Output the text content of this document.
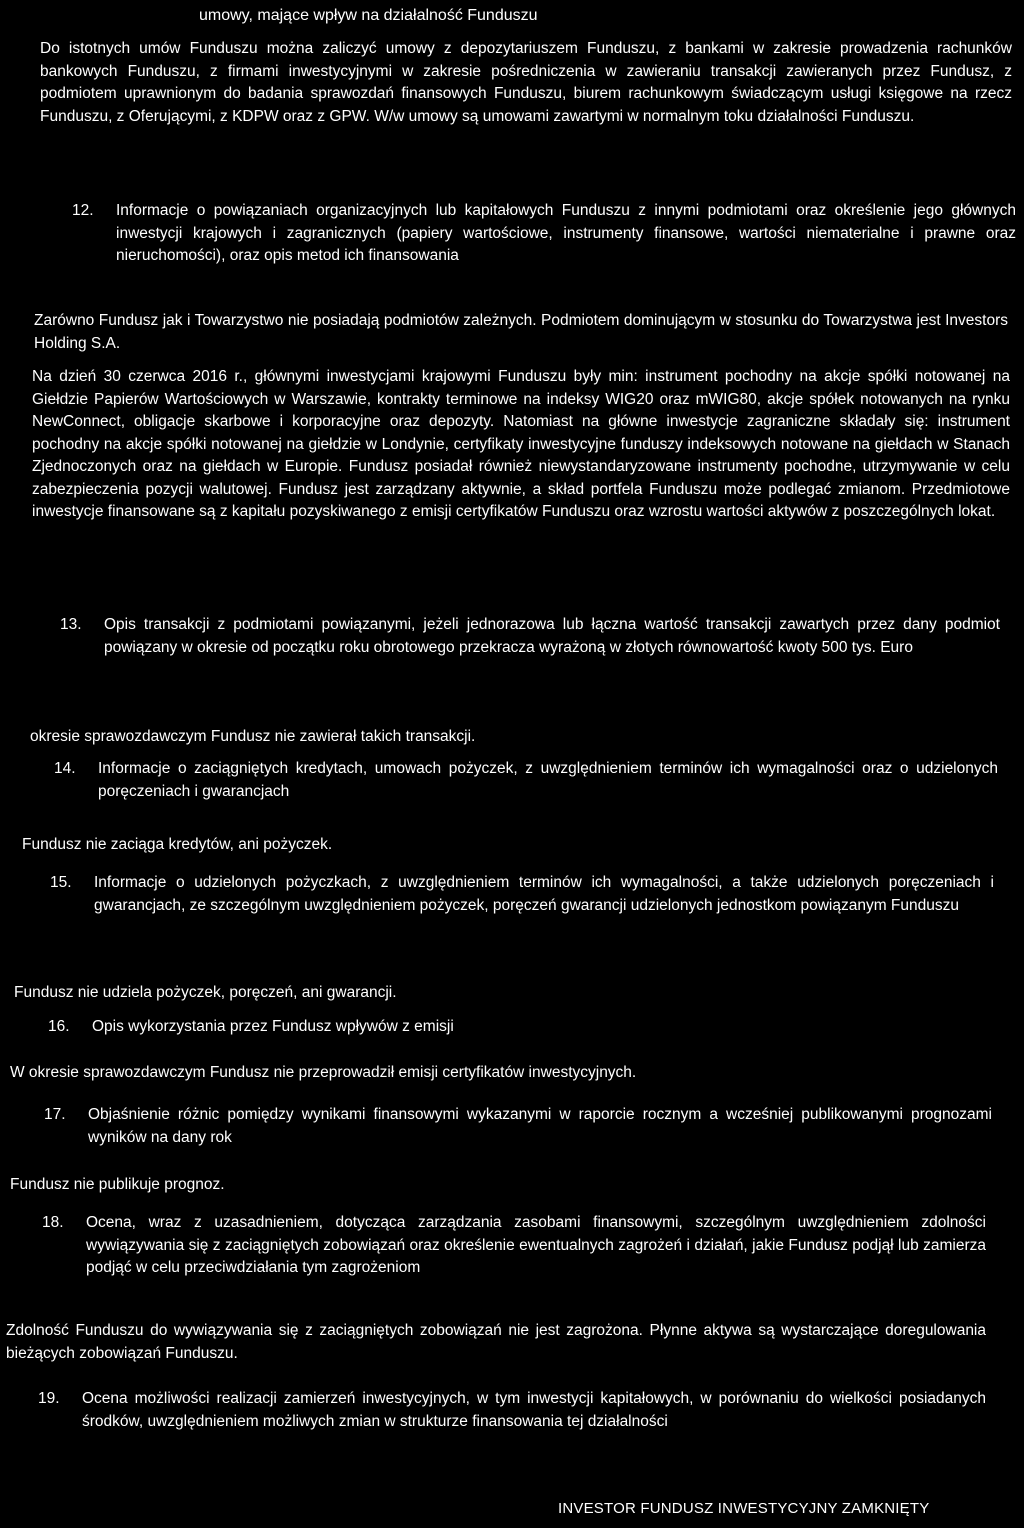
umowy, mające wpływ na działalność Funduszu

Do istotnych umów Funduszu można zaliczyć umowy z depozytariuszem Funduszu, z bankami w zakresie prowadzenia rachunków bankowych Funduszu, z firmami inwestycyjnymi w zakresie pośredniczenia w zawieraniu transakcji zawieranych przez Fundusz, z podmiotem uprawnionym do badania sprawozdań finansowych Funduszu, biurem rachunkowym świadczącym usługi księgowe na rzecz Funduszu, z Oferującymi, z KDPW oraz z GPW. W/w umowy są umowami zawartymi w normalnym toku działalności Funduszu.

12. Informacje o powiązaniach organizacyjnych lub kapitałowych Funduszu z innymi podmiotami oraz określenie jego głównych inwestycji krajowych i zagranicznych (papiery wartościowe, instrumenty finansowe, wartości niematerialne i prawne oraz nieruchomości), oraz opis metod ich finansowania

Zarówno Fundusz jak i Towarzystwo nie posiadają podmiotów zależnych. Podmiotem dominującym w stosunku do Towarzystwa jest Investors Holding S.A.

Na dzień 30 czerwca 2016 r., głównymi inwestycjami krajowymi Funduszu były min: instrument pochodny na akcje spółki notowanej na Giełdzie Papierów Wartościowych w Warszawie, kontrakty terminowe na indeksy WIG20 oraz mWIG80, akcje spółek notowanych na rynku NewConnect, obligacje skarbowe i korporacyjne oraz depozyty. Natomiast na główne inwestycje zagraniczne składały się: instrument pochodny na akcje spółki notowanej na giełdzie w Londynie, certyfikaty inwestycyjne funduszy indeksowych notowane na giełdach w Stanach Zjednoczonych oraz na giełdach w Europie. Fundusz posiadał również niewystandaryzowane instrumenty pochodne, utrzymywanie w celu zabezpieczenia pozycji walutowej. Fundusz jest zarządzany aktywnie, a skład portfela Funduszu może podlegać zmianom. Przedmiotowe inwestycje finansowane są z kapitału pozyskiwanego z emisji certyfikatów Funduszu oraz wzrostu wartości aktywów z poszczególnych lokat.

13. Opis transakcji z podmiotami powiązanymi, jeżeli jednorazowa lub łączna wartość transakcji zawartych przez dany podmiot powiązany w okresie od początku roku obrotowego przekracza wyrażoną w złotych równowartość kwoty 500 tys. Euro

okresie sprawozdawczym Fundusz nie zawierał takich transakcji.

14. Informacje o zaciągniętych kredytach, umowach pożyczek, z uwzględnieniem terminów ich wymagalności oraz o udzielonych poręczeniach i gwarancjach

Fundusz nie zaciąga kredytów, ani pożyczek.

15. Informacje o udzielonych pożyczkach, z uwzględnieniem terminów ich wymagalności, a także udzielonych poręczeniach i gwarancjach, ze szczególnym uwzględnieniem pożyczek, poręczeń gwarancji udzielonych jednostkom powiązanym Funduszu

Fundusz nie udziela pożyczek, poręczeń, ani gwarancji.

16. Opis wykorzystania przez Fundusz wpływów z emisji

W okresie sprawozdawczym Fundusz nie przeprowadził emisji certyfikatów inwestycyjnych.

17. Objaśnienie różnic pomiędzy wynikami finansowymi wykazanymi w raporcie rocznym a wcześniej publikowanymi prognozami wyników na dany rok

Fundusz nie publikuje prognoz.

18. Ocena, wraz z uzasadnieniem, dotycząca zarządzania zasobami finansowymi, szczególnym uwzględnieniem zdolności wywiązywania się z zaciągniętych zobowiązań oraz określenie ewentualnych zagrożeń i działań, jakie Fundusz podjął lub zamierza podjąć w celu przeciwdziałania tym zagrożeniom

Zdolność Funduszu do wywiązywania się z zaciągniętych zobowiązań nie jest zagrożona. Płynne aktywa są wystarczające doregulowania bieżących zobowiązań Funduszu.

19. Ocena możliwości realizacji zamierzeń inwestycyjnych, w tym inwestycji kapitałowych, w porównaniu do wielkości posiadanych środków, uwzględnieniem możliwych zmian w strukturze finansowania tej działalności
INVESTOR FUNDUSZ INWESTYCYJNY ZAMKNIĘTY
